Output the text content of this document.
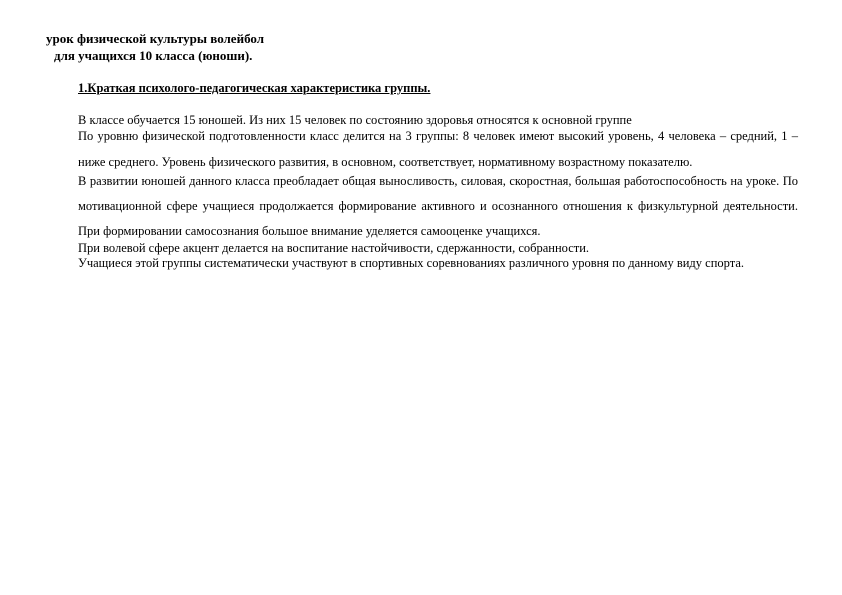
урок физической культуры волейбол
для учащихся 10 класса (юноши).
1.Краткая психолого-педагогическая характеристика группы.

В классе обучается 15 юношей. Из них 15 человек по состоянию здоровья относятся к основной группе

По уровню физической подготовленности класс делится на 3 группы: 8 человек имеют высокий уровень, 4 человека – средний, 1 – ниже среднего. Уровень физического развития, в основном, соответствует, нормативному возрастному показателю.

В развитии юношей данного класса преобладает общая выносливость, силовая, скоростная, большая работоспособность на уроке. По мотивационной сфере учащиеся продолжается формирование активного и осознанного отношения к физкультурной деятельности. При формировании самосознания большое внимание уделяется самооценке учащихся.

При волевой сфере акцент делается на воспитание настойчивости, сдержанности, собранности.

Учащиеся этой группы систематически участвуют в спортивных соревнованиях различного уровня по данному виду спорта.
